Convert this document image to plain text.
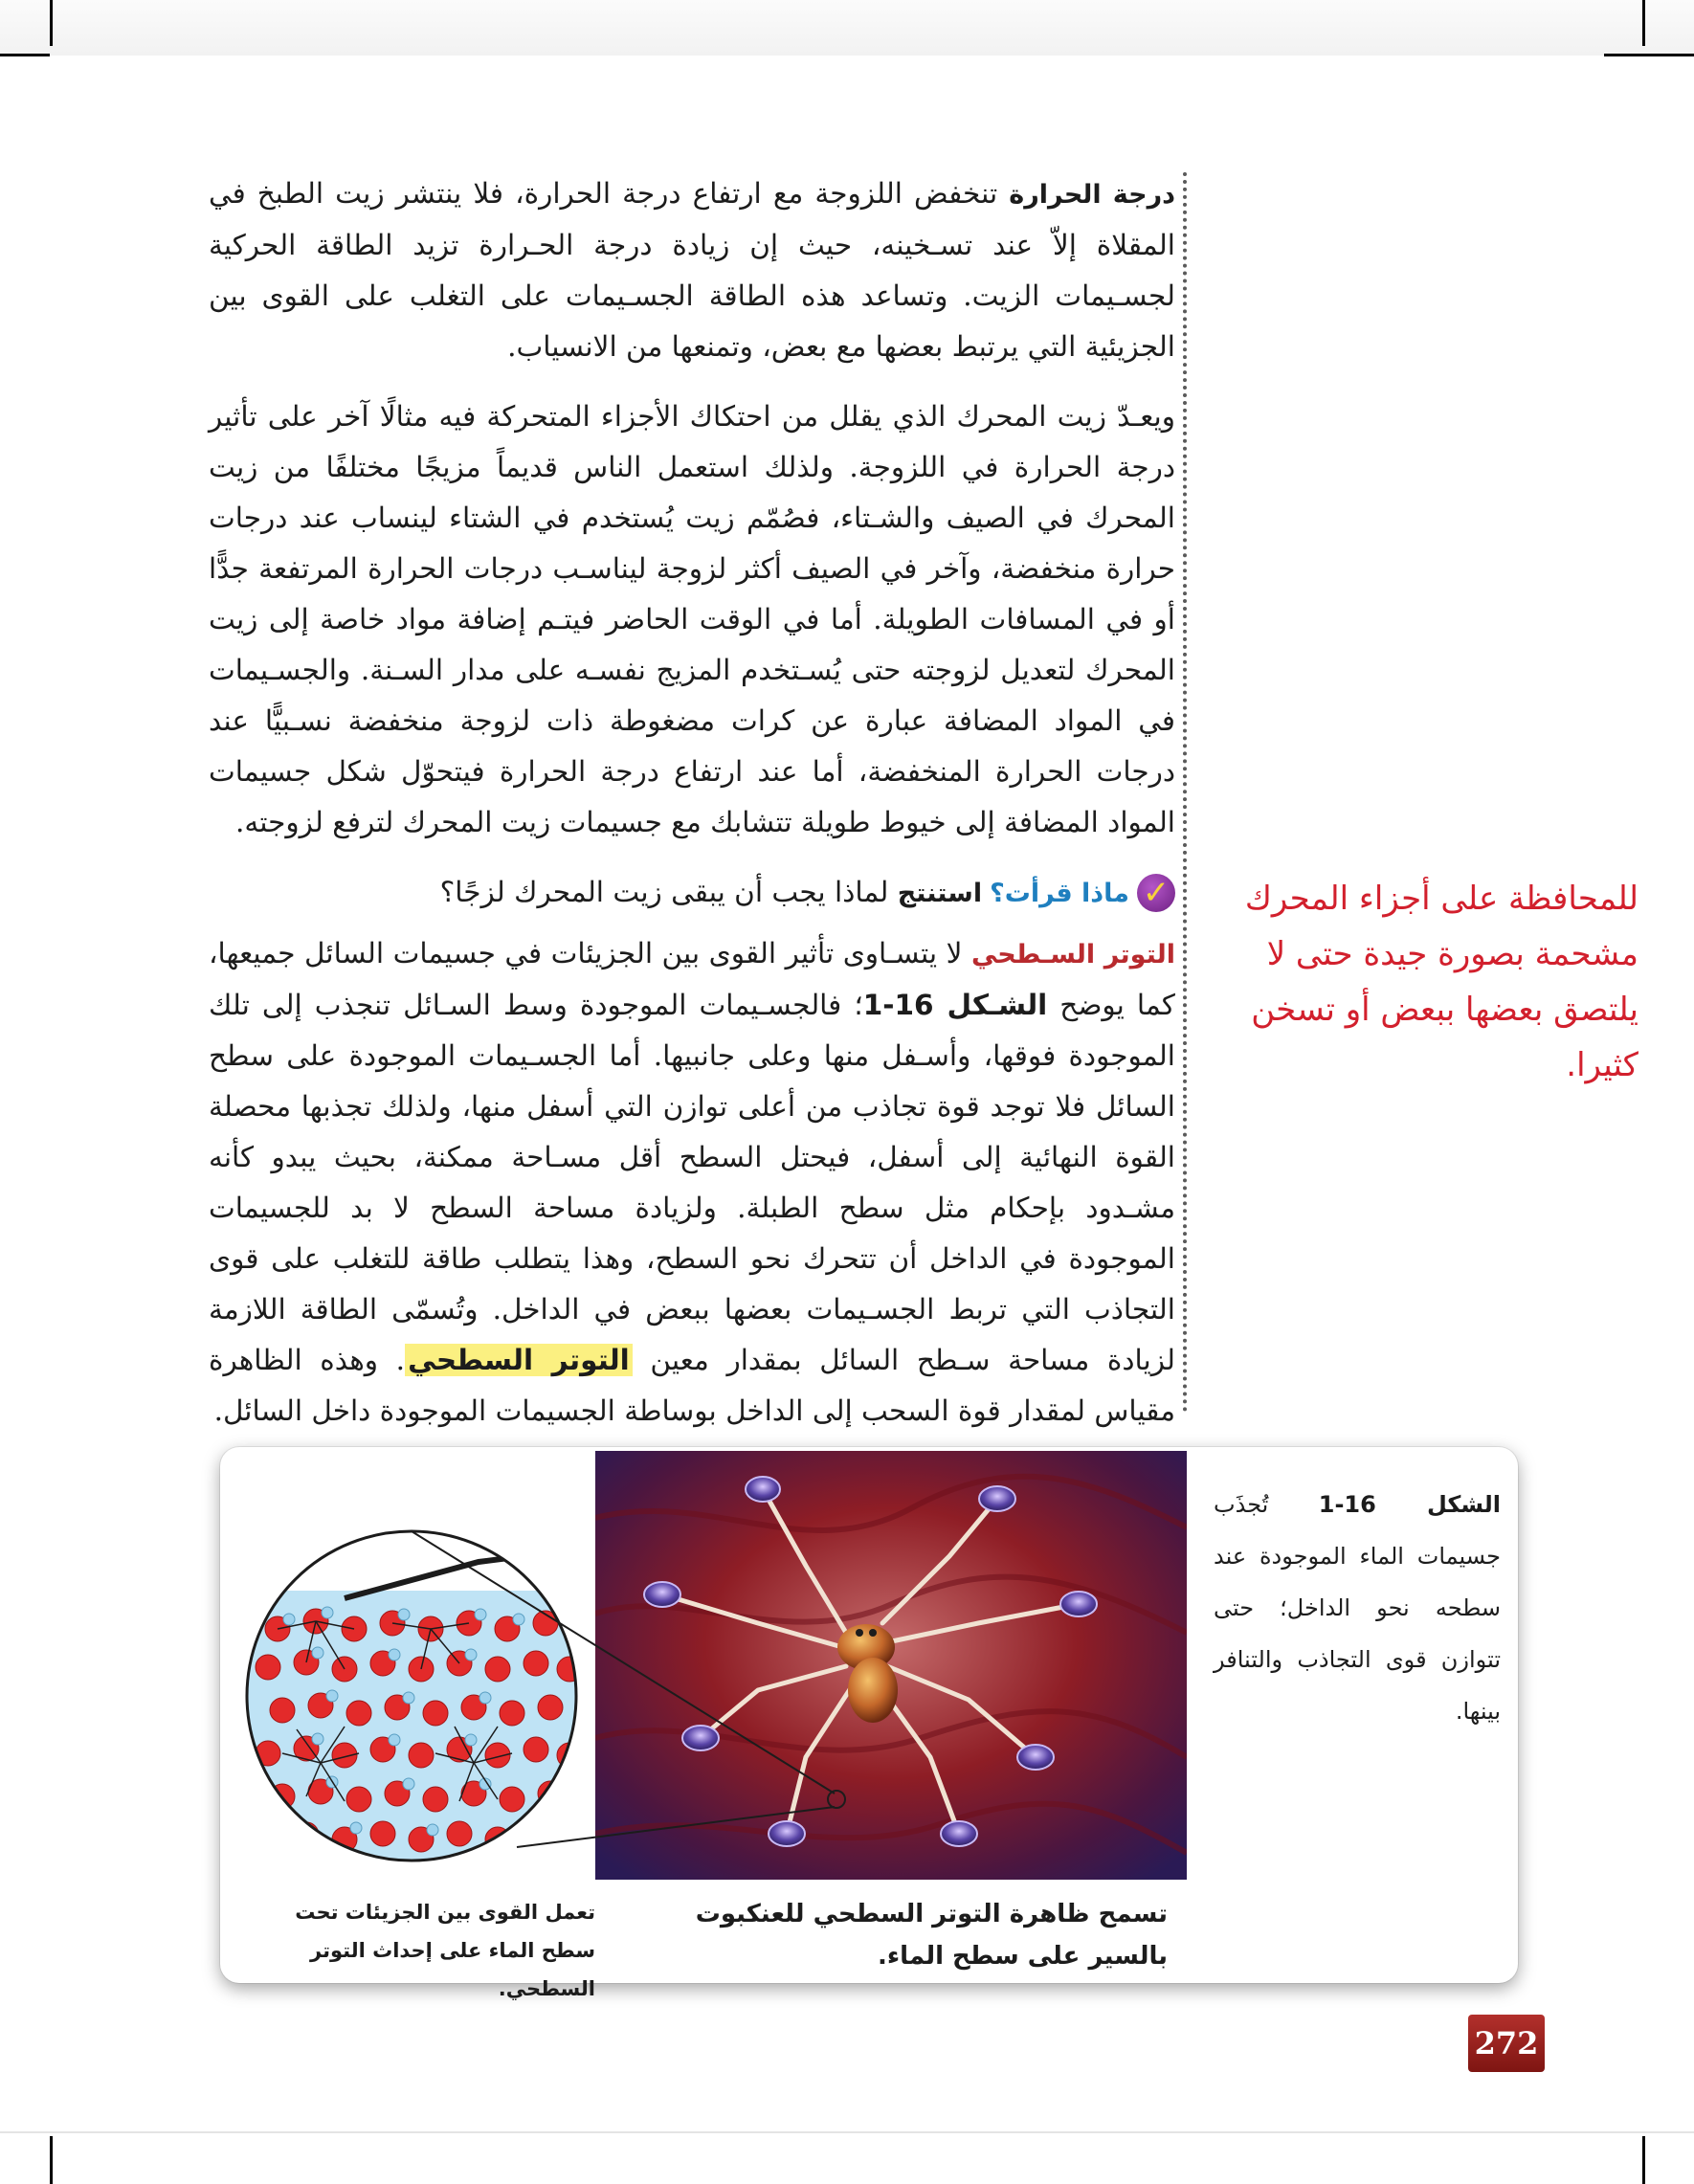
درجة الحرارة تنخفض اللزوجة مع ارتفاع درجة الحرارة، فلا ينتشر زيت الطبخ في المقلاة إلاّ عند تسـخينه، حيث إن زيادة درجة الحـرارة تزيد الطاقة الحركية لجسـيمات الزيت. وتساعد هذه الطاقة الجسـيمات على التغلب على القوى بين الجزيئية التي يرتبط بعضها مع بعض، وتمنعها من الانسياب.

ويعـدّ زيت المحرك الذي يقلل من احتكاك الأجزاء المتحركة فيه مثالًا آخر على تأثير درجة الحرارة في اللزوجة. ولذلك استعمل الناس قديماً مزيجًا مختلفًا من زيت المحرك في الصيف والشـتاء، فصُمّم زيت يُستخدم في الشتاء لينساب عند درجات حرارة منخفضة، وآخر في الصيف أكثر لزوجة ليناسـب درجات الحرارة المرتفعة جدًّا أو في المسافات الطويلة. أما في الوقت الحاضر فيتـم إضافة مواد خاصة إلى زيت المحرك لتعديل لزوجته حتى يُسـتخدم المزيج نفسـه على مدار السـنة. والجسـيمات في المواد المضافة عبارة عن كرات مضغوطة ذات لزوجة منخفضة نسـبيًّا عند درجات الحرارة المنخفضة، أما عند ارتفاع درجة الحرارة فيتحوّل شكل جسيمات المواد المضافة إلى خيوط طويلة تتشابك مع جسيمات زيت المحرك لترفع لزوجته.

✓
ماذا قرأت؟
استنتج لماذا يجب أن يبقى زيت المحرك لزجًا؟

التوتر السـطحي لا يتسـاوى تأثير القوى بين الجزيئات في جسيمات السائل جميعها، كما يوضح الشـكل 16-1؛ فالجسـيمات الموجودة وسط السـائل تنجذب إلى تلك الموجودة فوقها، وأسـفل منها وعلى جانبيها. أما الجسـيمات الموجودة على سطح السائل فلا توجد قوة تجاذب من أعلى توازن التي أسفل منها، ولذلك تجذبها محصلة القوة النهائية إلى أسفل، فيحتل السطح أقل مسـاحة ممكنة، بحيث يبدو كأنه مشـدود بإحكام مثل سطح الطبلة. ولزيادة مساحة السطح لا بد للجسيمات الموجودة في الداخل أن تتحرك نحو السطح، وهذا يتطلب طاقة للتغلب على قوى التجاذب التي تربط الجسـيمات بعضها ببعض في الداخل. وتُسمّى الطاقة اللازمة لزيادة مساحة سـطح السائل بمقدار معين التوتر السطحي. وهذه الظاهرة مقياس لمقدار قوة السحب إلى الداخل بوساطة الجسيمات الموجودة داخل السائل.

للمحافظة على أجزاء المحرك مشحمة بصورة جيدة حتى لا يلتصق بعضها ببعض أو تسخن كثيرا.
الشكل 16-1 تُجذَب جسيمات الماء الموجودة عند سطحه نحو الداخل؛ حتى تتوازن قوى التجاذب والتنافر بينها.
تسمح ظاهرة التوتر السطحي للعنكبوت بالسير على سطح الماء.
تعمل القوى بين الجزيئات تحت سطح الماء على إحداث التوتر السطحي.
272
